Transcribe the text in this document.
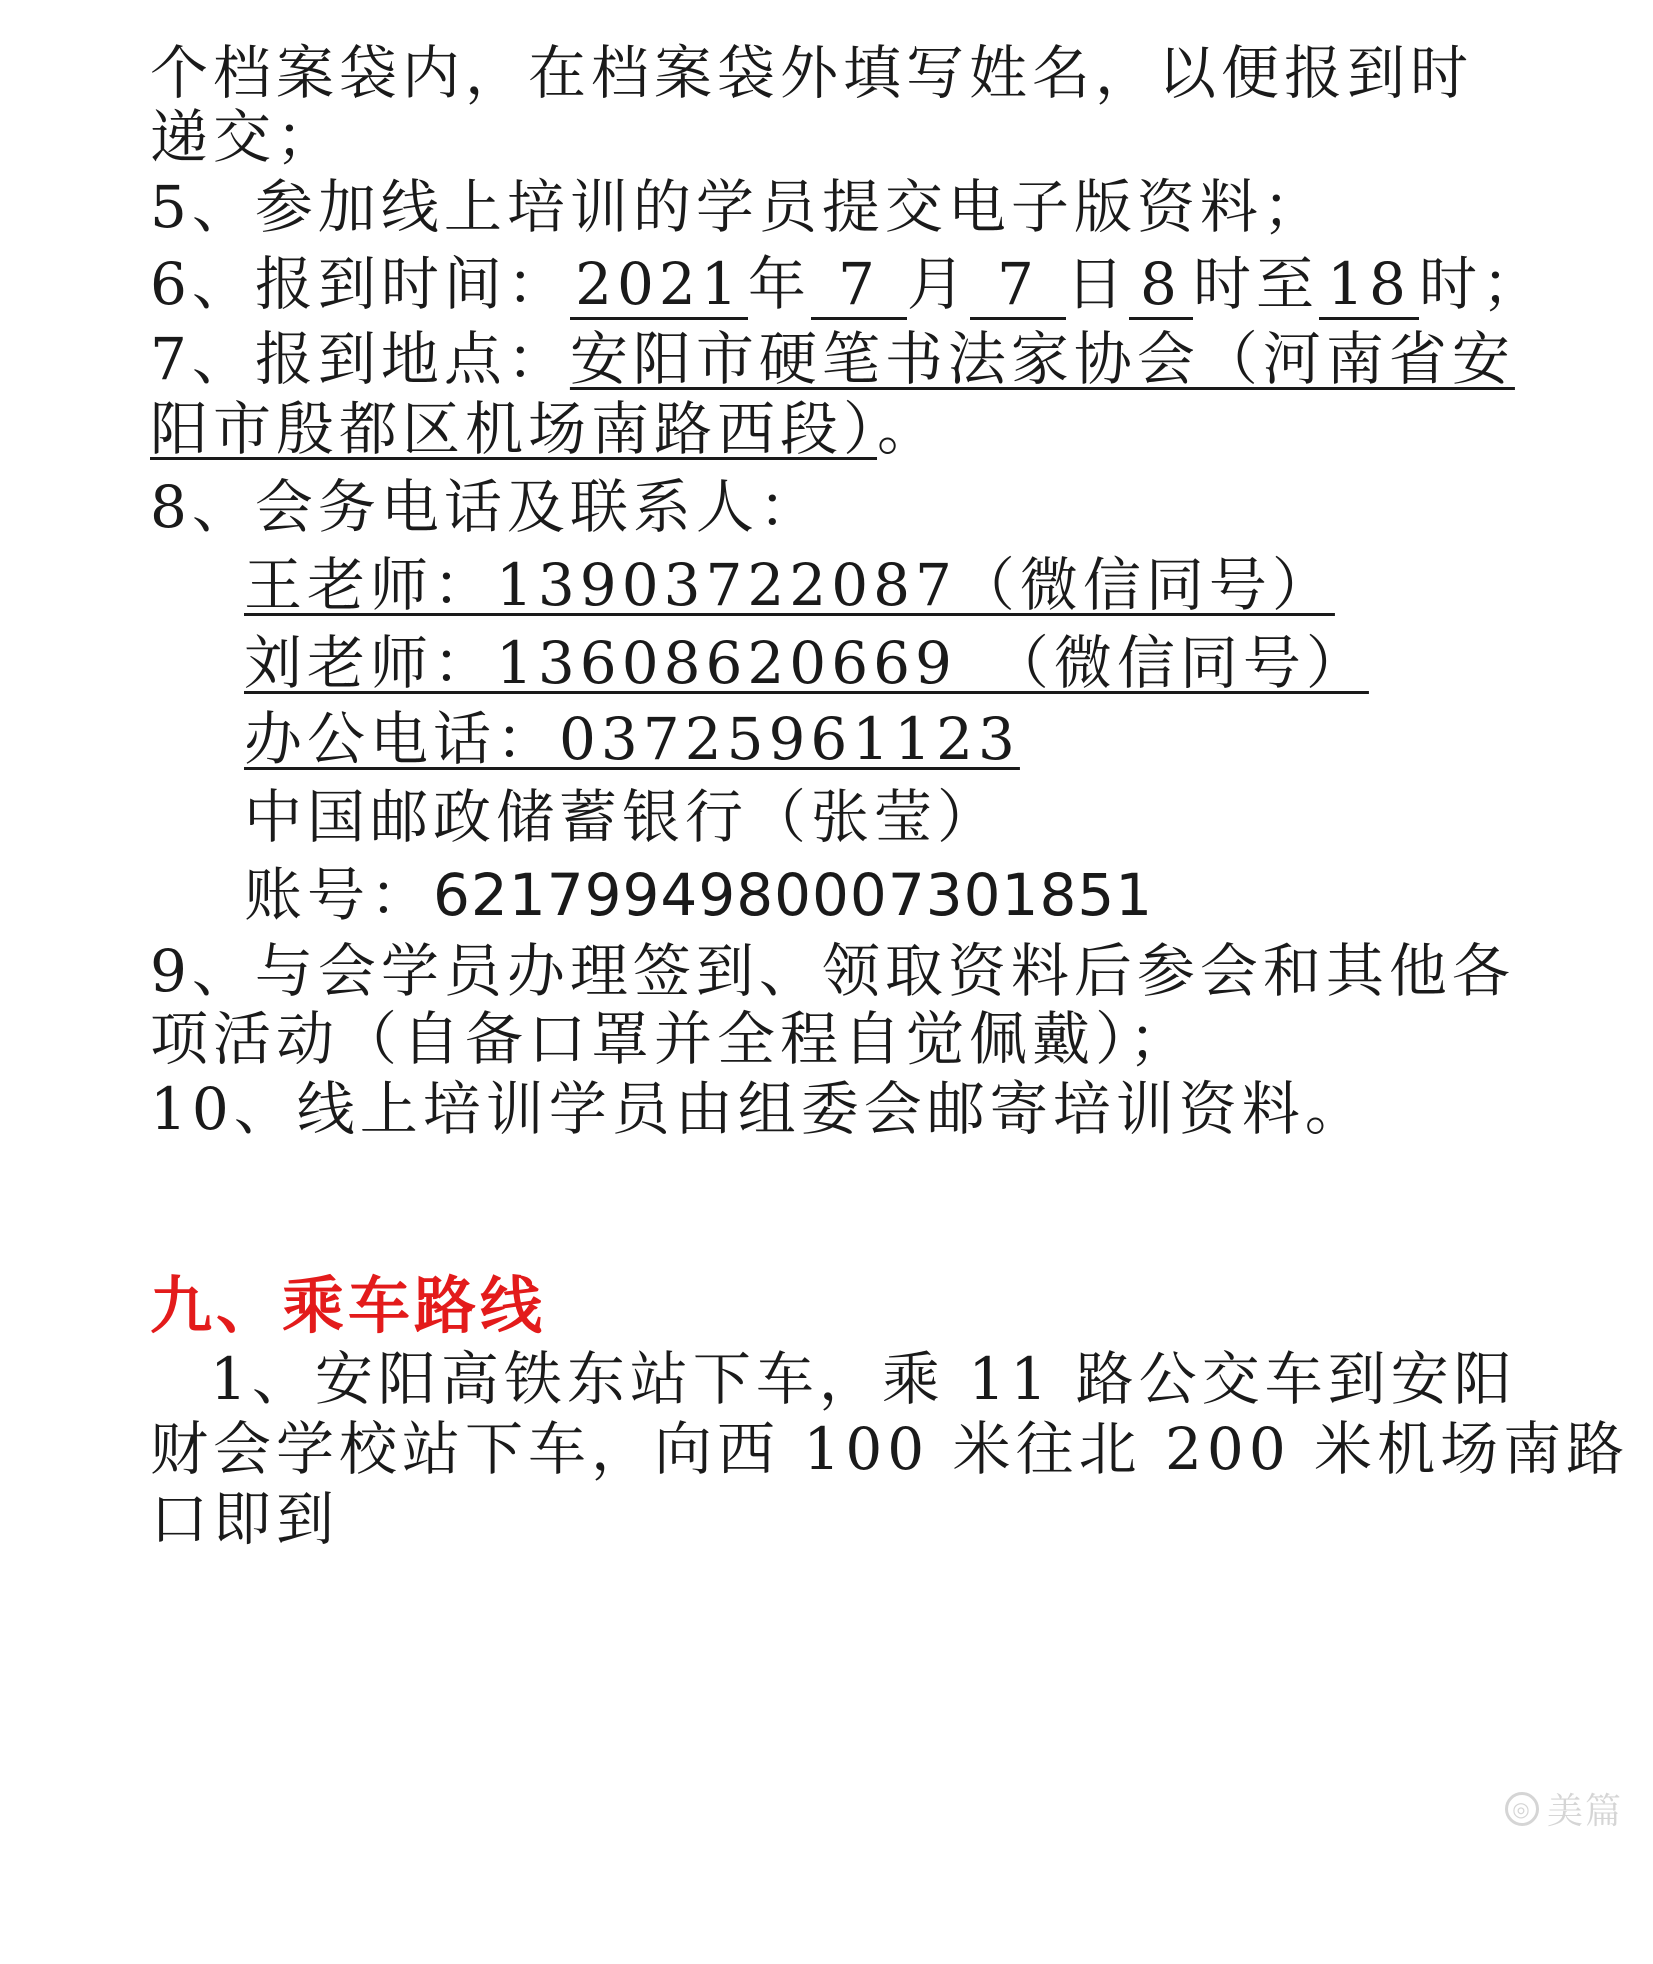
个档案袋内，在档案袋外填写姓名，以便报到时
递交；
5、参加线上培训的学员提交电子版资料；
6、报到时间：2021年 7 月 7 日 8 时至 18 时；
7、报到地点：安阳市硬笔书法家协会（河南省安
阳市殷都区机场南路西段）。
8、会务电话及联系人：
王老师：13903722087（微信同号）
刘老师：13608620669　（微信同号）
办公电话：03725961123
中国邮政储蓄银行（张莹）
账号：6217994980007301851
9、与会学员办理签到、领取资料后参会和其他各
项活动（自备口罩并全程自觉佩戴）；
10、线上培训学员由组委会邮寄培训资料。
九、乘车路线
1、安阳高铁东站下车，乘 11 路公交车到安阳
财会学校站下车，向西 100 米往北 200 米机场南路
口即到
◎ 美篇
